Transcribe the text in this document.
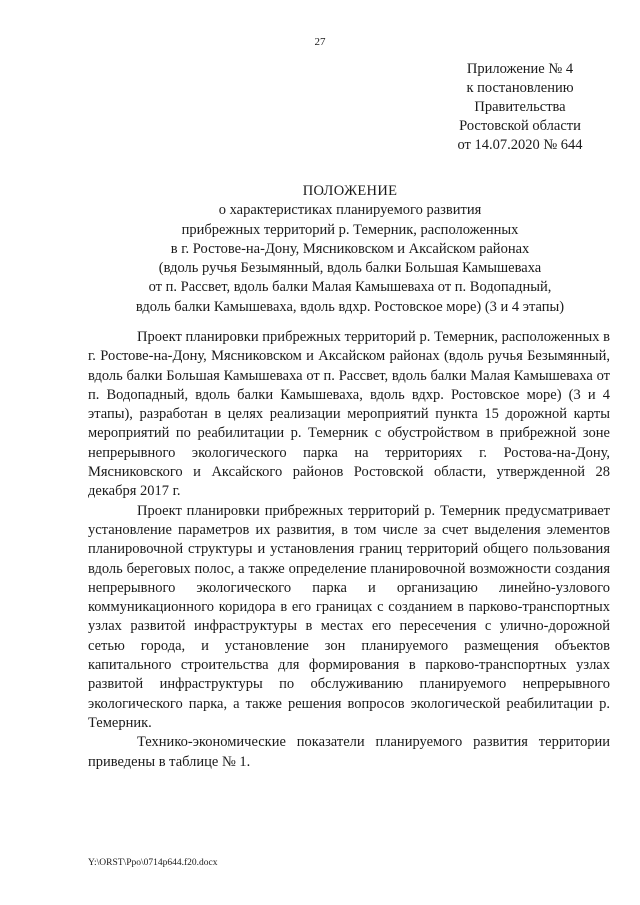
27
Приложение № 4
к постановлению
Правительства
Ростовской области
от 14.07.2020 № 644
ПОЛОЖЕНИЕ
о характеристиках планируемого развития
прибрежных территорий р. Темерник, расположенных
в г. Ростове-на-Дону, Мясниковском и Аксайском районах
(вдоль ручья Безымянный, вдоль балки Большая Камышеваха
от п. Рассвет, вдоль балки Малая Камышеваха от п. Водопадный,
вдоль балки Камышеваха, вдоль вдхр. Ростовское море) (3 и 4 этапы)

Проект планировки прибрежных территорий р. Темерник, расположенных в г. Ростове-на-Дону, Мясниковском и Аксайском районах (вдоль ручья Безымянный, вдоль балки Большая Камышеваха от п. Рассвет, вдоль балки Малая Камышеваха от п. Водопадный, вдоль балки Камышеваха, вдоль вдхр. Ростовское море) (3 и 4 этапы), разработан в целях реализации мероприятий пункта 15 дорожной карты мероприятий по реабилитации р. Темерник с обустройством в прибрежной зоне непрерывного экологического парка на территориях г. Ростова-на-Дону, Мясниковского и Аксайского районов Ростовской области, утвержденной 28 декабря 2017 г.

Проект планировки прибрежных территорий р. Темерник предусматривает установление параметров их развития, в том числе за счет выделения элементов планировочной структуры и установления границ территорий общего пользования вдоль береговых полос, а также определение планировочной возможности создания непрерывного экологического парка и организацию линейно-узлового коммуникационного коридора в его границах с созданием в парково-транспортных узлах развитой инфраструктуры в местах его пересечения с улично-дорожной сетью города, и установление зон планируемого размещения объектов капитального строительства для формирования в парково-транспортных узлах развитой инфраструктуры по обслуживанию планируемого непрерывного экологического парка, а также решения вопросов экологической реабилитации р. Темерник.

Технико-экономические показатели планируемого развития территории приведены в таблице № 1.

Y:\ORST\Ppo\0714p644.f20.docx
